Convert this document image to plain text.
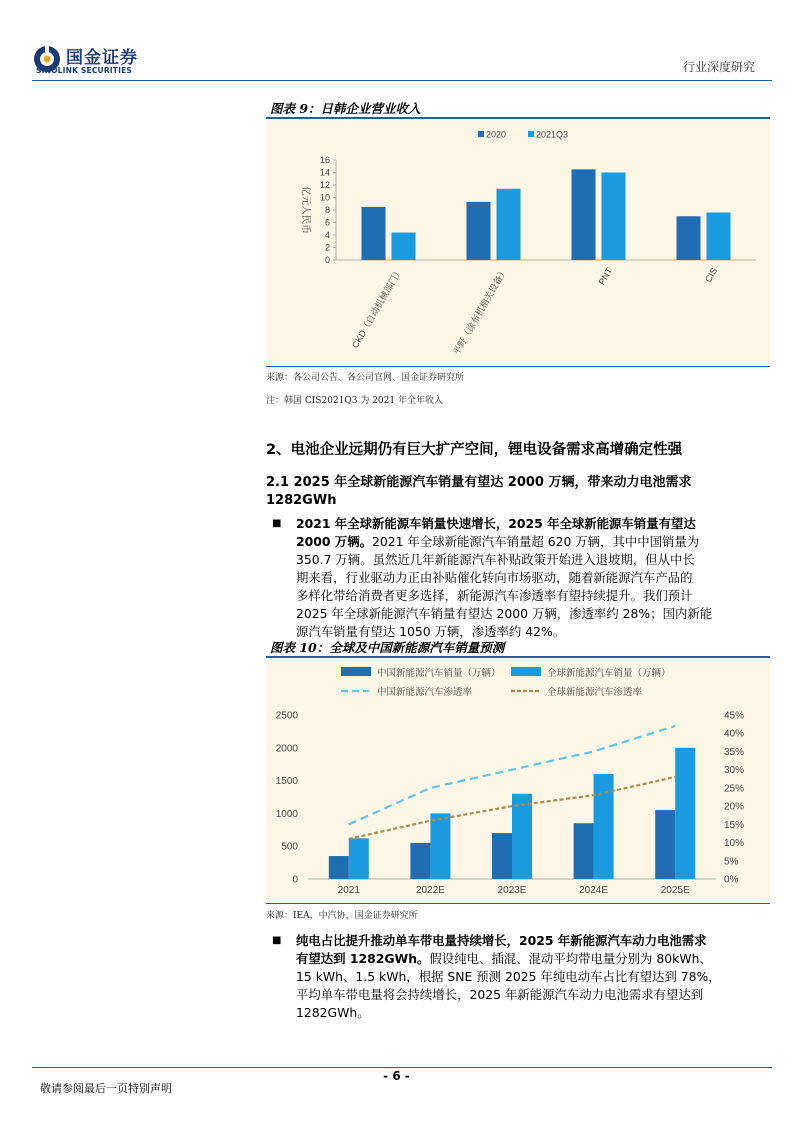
国金证券
SINOLINK SECURITIES	行业深度研究
图表 9：日韩企业营业收入
2020	2021Q3
0
2
4
6
8
10
12
14
16
亿元人民币
CKD（自动机械部门）	平野（涂布机相关设备）	PNT	CIS
来源：各公司公告、各公司官网、国金证券研究所
注：韩国 CIS2021Q3 为 2021 年全年收入
2、电池企业远期仍有巨大扩产空间，锂电设备需求高增确定性强
2.1 2025 年全球新能源汽车销量有望达 2000 万辆，带来动力电池需求
1282GWh
■ 2021 年全球新能源车销量快速增长，2025 年全球新能源车销量有望达
2000 万辆。2021 年全球新能源汽车销量超 620 万辆，其中中国销量为
350.7 万辆。虽然近几年新能源汽车补贴政策开始进入退坡期，但从中长
期来看，行业驱动力正由补贴催化转向市场驱动，随着新能源汽车产品的
多样化带给消费者更多选择，新能源汽车渗透率有望持续提升。我们预计
2025 年全球新能源汽车销量有望达 2000 万辆，渗透率约 28%；国内新能
源汽车销量有望达 1050 万辆，渗透率约 42%。
图表 10：全球及中国新能源汽车销量预测
中国新能源汽车销量（万辆）	全球新能源汽车销量（万辆）
中国新能源汽车渗透率	全球新能源汽车渗透率
0
500
1000
1500
2000
2500
0%
5%
10%
15%
20%
25%
30%
35%
40%
45%
2021	2022E	2023E	2024E	2025E
来源：IEA，中汽协，国金证券研究所
■ 纯电占比提升推动单车带电量持续增长，2025 年新能源汽车动力电池需求
有望达到 1282GWh。假设纯电、插混、混动平均带电量分别为 80kWh、
15 kWh、1.5 kWh，根据 SNE 预测 2025 年纯电动车占比有望达到 78%，
平均单车带电量将会持续增长，2025 年新能源汽车动力电池需求有望达到
1282GWh。
- 6 -
敬请参阅最后一页特别声明
